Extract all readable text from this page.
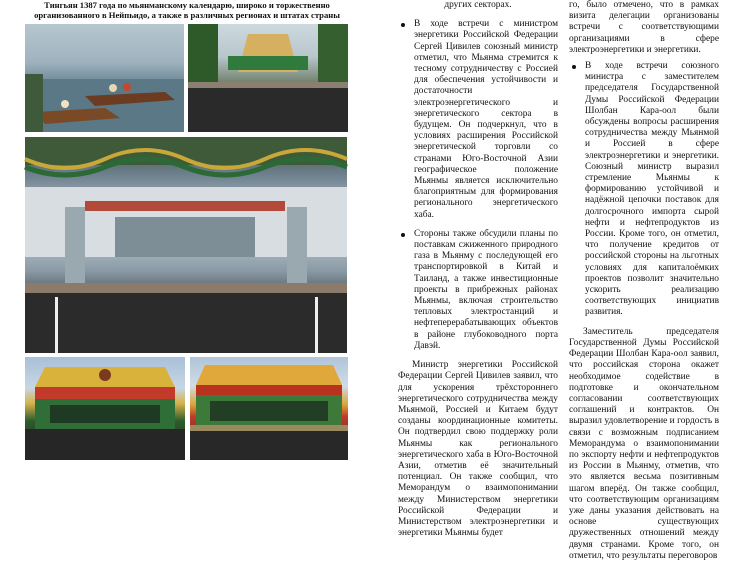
Тингьян 1387 года по мьянманскому календарю, широко и торжественно организованного в Нейпьидо, а также в различных регионах и штатах страны

других секторах.

В ходе встречи с министром энергетики Российской Федерации Сергей Цивилев союзный министр отметил, что Мьянма стремится к тесному сотрудничеству с Россией для обеспечения устойчивости и достаточности электроэнергетического и энергетического сектора в будущем. Он подчеркнул, что в условиях расширения Российской энергетической торговли со странами Юго-Восточной Азии географическое положение Мьянмы является исключительно благоприятным для формирования регионального энергетического хаба.
Стороны также обсудили планы по поставкам сжиженного природного газа в Мьянму с последующей его транспортировкой в Китай и Таиланд, а также инвестиционные проекты в прибрежных районах Мьянмы, включая строительство тепловых электростанций и нефтеперерабатывающих объектов в районе глубоководного порта Давэй.

Министр энергетики Российской Федерации Сергей Цивилев заявил, что для ускорения трёхстороннего энергетического сотрудничества между Мьянмой, Россией и Китаем будут созданы координационные комитеты. Он подтвердил свою поддержку роли Мьянмы как регионального энергетического хаба в Юго-Восточной Азии, отметив её значительный потенциал. Он также сообщил, что Меморандум о взаимопонимании между Министерством энергетики Российской Федерации и Министерством электроэнергетики и энергетики Мьянмы будет

го, было отмечено, что в рамках визита делегации организованы встречи с соответствующими организациями в сфере электроэнергетики и энергетики.

В ходе встречи союзного министра с заместителем председателя Государственной Думы Российской Федерации Шолбан Кара-оол были обсуждены вопросы расширения сотрудничества между Мьянмой и Россией в сфере электроэнергетики и энергетики. Союзный министр выразил стремление Мьянмы к формированию устойчивой и надёжной цепочки поставок для долгосрочного импорта сырой нефти и нефтепродуктов из России. Кроме того, он отметил, что получение кредитов от российской стороны на льготных условиях для капиталоёмких проектов позволит значительно ускорить реализацию соответствующих инициатив развития.

Заместитель председателя Государственной Думы Российской Федерации Шолбан Кара-оол заявил, что российская сторона окажет необходимое содействие в подготовке и окончательном согласовании соответствующих соглашений и контрактов. Он выразил удовлетворение и гордость в связи с возможным подписанием Меморандума о взаимопонимании по экспорту нефти и нефтепродуктов из России в Мьянму, отметив, что это является весьма позитивным шагом вперёд. Он также сообщил, что соответствующим организациям уже даны указания действовать на основе существующих дружественных отношений между двумя странами. Кроме того, он отметил, что результаты переговоров
